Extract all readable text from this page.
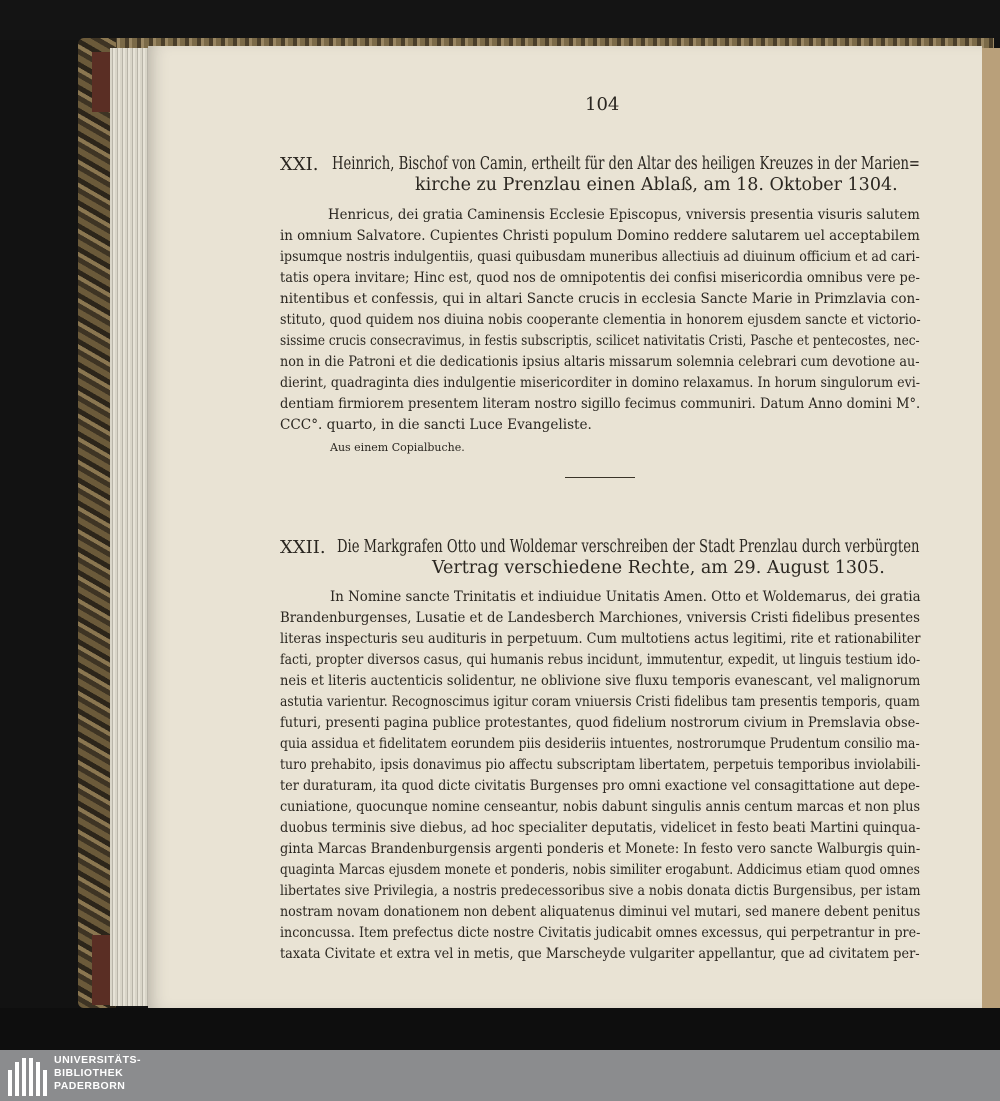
104
XXI. Heinrich, Bischof von Camin, ertheilt für den Altar des heiligen Kreuzes in der Marien=
kirche zu Prenzlau einen Ablaß, am 18. Oktober 1304.
Henricus, dei gratia Caminensis Ecclesie Episcopus, vniversis presentia visuris salutem
in omnium Salvatore. Cupientes Christi populum Domino reddere salutarem uel acceptabilem
ipsumque nostris indulgentiis, quasi quibusdam muneribus allectiuis ad diuinum officium et ad cari-
tatis opera invitare; Hinc est, quod nos de omnipotentis dei confisi misericordia omnibus vere pe-
nitentibus et confessis, qui in altari Sancte crucis in ecclesia Sancte Marie in Primzlavia con-
stituto, quod quidem nos diuina nobis cooperante clementia in honorem ejusdem sancte et victorio-
sissime crucis consecravimus, in festis subscriptis, scilicet nativitatis Cristi, Pasche et pentecostes, nec-
non in die Patroni et die dedicationis ipsius altaris missarum solemnia celebrari cum devotione au-
dierint, quadraginta dies indulgentie misericorditer in domino relaxamus. In horum singulorum evi-
dentiam firmiorem presentem literam nostro sigillo fecimus communiri. Datum Anno domini M°.
CCC°. quarto, in die sancti Luce Evangeliste.
Aus einem Copialbuche.
XXII. Die Markgrafen Otto und Woldemar verschreiben der Stadt Prenzlau durch verbürgten
Vertrag verschiedene Rechte, am 29. August 1305.
In Nomine sancte Trinitatis et indiuidue Unitatis Amen. Otto et Woldemarus, dei gratia
Brandenburgenses, Lusatie et de Landesberch Marchiones, vniversis Cristi fidelibus presentes
literas inspecturis seu audituris in perpetuum. Cum multotiens actus legitimi, rite et rationabiliter
facti, propter diversos casus, qui humanis rebus incidunt, immutentur, expedit, ut linguis testium ido-
neis et literis auctenticis solidentur, ne oblivione sive fluxu temporis evanescant, vel malignorum
astutia varientur. Recognoscimus igitur coram vniuersis Cristi fidelibus tam presentis temporis, quam
futuri, presenti pagina publice protestantes, quod fidelium nostrorum civium in Premslavia obse-
quia assidua et fidelitatem eorundem piis desideriis intuentes, nostrorumque Prudentum consilio ma-
turo prehabito, ipsis donavimus pio affectu subscriptam libertatem, perpetuis temporibus inviolabili-
ter duraturam, ita quod dicte civitatis Burgenses pro omni exactione vel consagittatione aut depe-
cuniatione, quocunque nomine censeantur, nobis dabunt singulis annis centum marcas et non plus
duobus terminis sive diebus, ad hoc specialiter deputatis, videlicet in festo beati Martini quinqua-
ginta Marcas Brandenburgensis argenti ponderis et Monete: In festo vero sancte Walburgis quin-
quaginta Marcas ejusdem monete et ponderis, nobis similiter erogabunt. Addicimus etiam quod omnes
libertates sive Privilegia, a nostris predecessoribus sive a nobis donata dictis Burgensibus, per istam
nostram novam donationem non debent aliquatenus diminui vel mutari, sed manere debent penitus
inconcussa. Item prefectus dicte nostre Civitatis judicabit omnes excessus, qui perpetrantur in pre-
taxata Civitate et extra vel in metis, que Marscheyde vulgariter appellantur, que ad civitatem per-
UNIVERSITÄTS-
BIBLIOTHEK
PADERBORN
